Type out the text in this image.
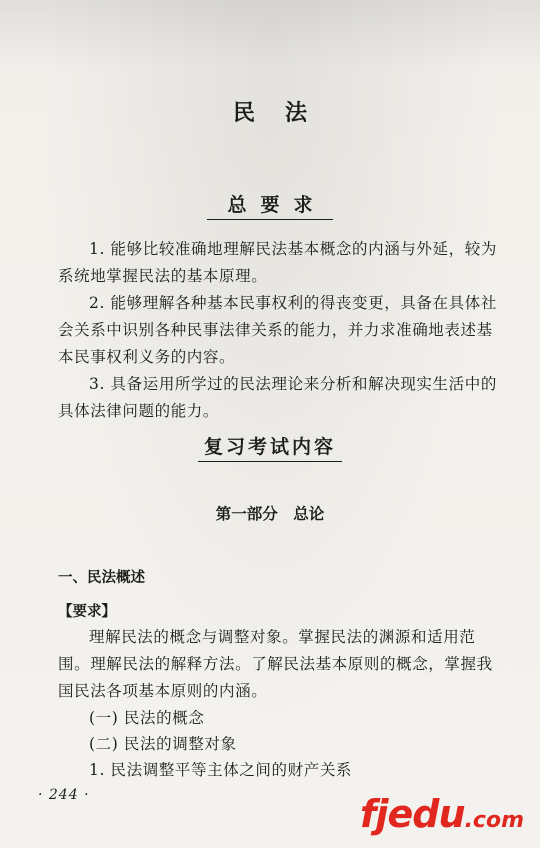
民法
总要求

1. 能够比较准确地理解民法基本概念的内涵与外延，较为系统地掌握民法的基本原理。

2. 能够理解各种基本民事权利的得丧变更，具备在具体社会关系中识别各种民事法律关系的能力，并力求准确地表述基本民事权利义务的内容。

3. 具备运用所学过的民法理论来分析和解决现实生活中的具体法律问题的能力。

复习考试内容
第一部分　总论
一、民法概述
【要求】

理解民法的概念与调整对象。掌握民法的渊源和适用范围。理解民法的解释方法。了解民法基本原则的概念，掌握我国民法各项基本原则的内涵。

(一) 民法的概念
(二) 民法的调整对象
1. 民法调整平等主体之间的财产关系
· 244 ·	fjedu.com
